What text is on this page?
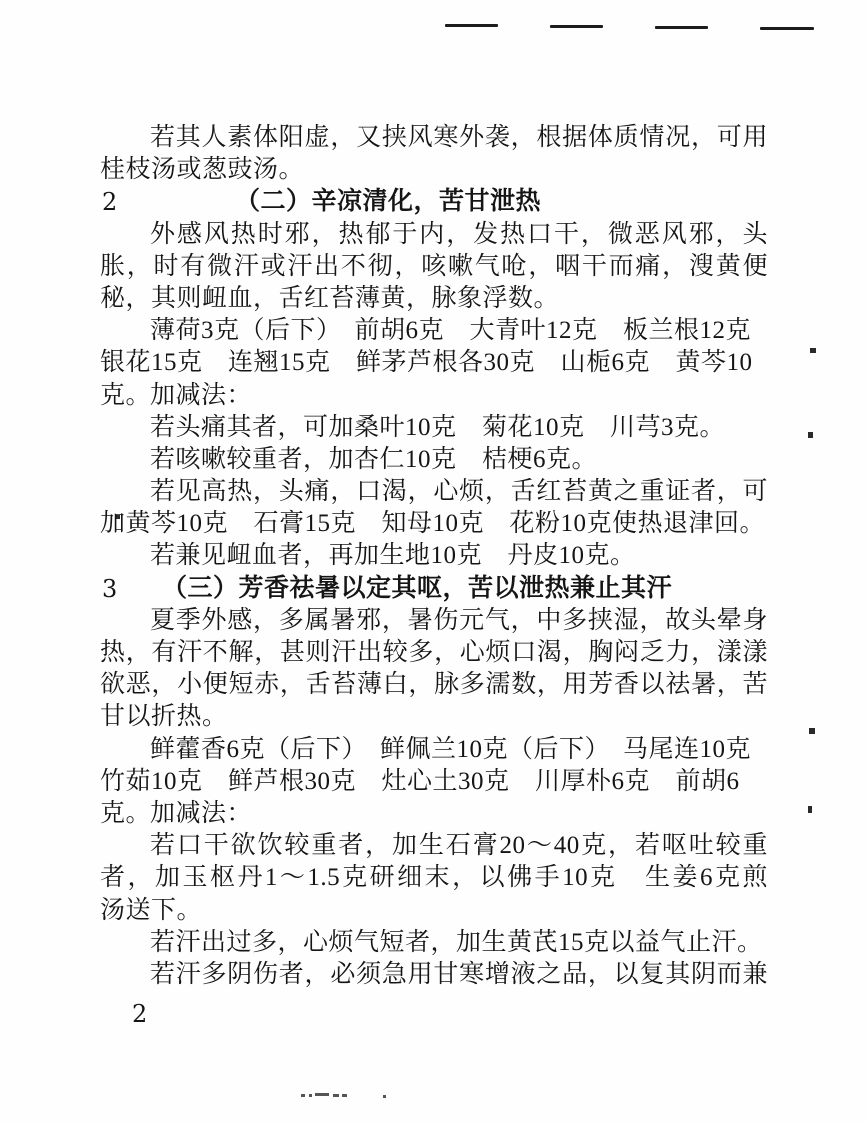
若其人素体阳虚，又挟风寒外袭，根据体质情况，可用
桂枝汤或葱豉汤。
2	（二）辛凉清化，苦甘泄热
外感风热时邪，热郁于内，发热口干，微恶风邪，头
胀，时有微汗或汗出不彻，咳嗽气呛，咽干而痛，溲黄便
秘，其则衄血，舌红苔薄黄，脉象浮数。
薄荷3克（后下）　前胡6克　大青叶12克　板兰根12克
银花15克　连翘15克　鲜茅芦根各30克　山栀6克　黄芩10克。
加减法：
若头痛其者，可加桑叶10克　菊花10克　川芎3克。
若咳嗽较重者，加杏仁10克　桔梗6克。
若见高热，头痛，口渴，心烦，舌红苔黄之重证者，可
加黄芩10克　石膏15克　知母10克　花粉10克使热退津回。
若兼见衄血者，再加生地10克　丹皮10克。
3 （三）芳香祛暑以定其呕，苦以泄热兼止其汗
夏季外感，多属暑邪，暑伤元气，中多挟湿，故头晕身
热，有汗不解，甚则汗出较多，心烦口渴，胸闷乏力，漾漾
欲恶，小便短赤，舌苔薄白，脉多濡数，用芳香以祛暑，苦
甘以折热。
鲜藿香6克（后下）　鲜佩兰10克（后下）　马尾连10克
竹茹10克　鲜芦根30克　灶心土30克　川厚朴6克　前胡6克。
加减法：
若口干欲饮较重者，加生石膏20～40克，若呕吐较重
者，加玉枢丹1～1.5克研细末，以佛手10克　生姜6克煎
汤送下。
若汗出过多，心烦气短者，加生黄芪15克以益气止汗。
若汗多阴伤者，必须急用甘寒增液之品，以复其阴而兼
2
